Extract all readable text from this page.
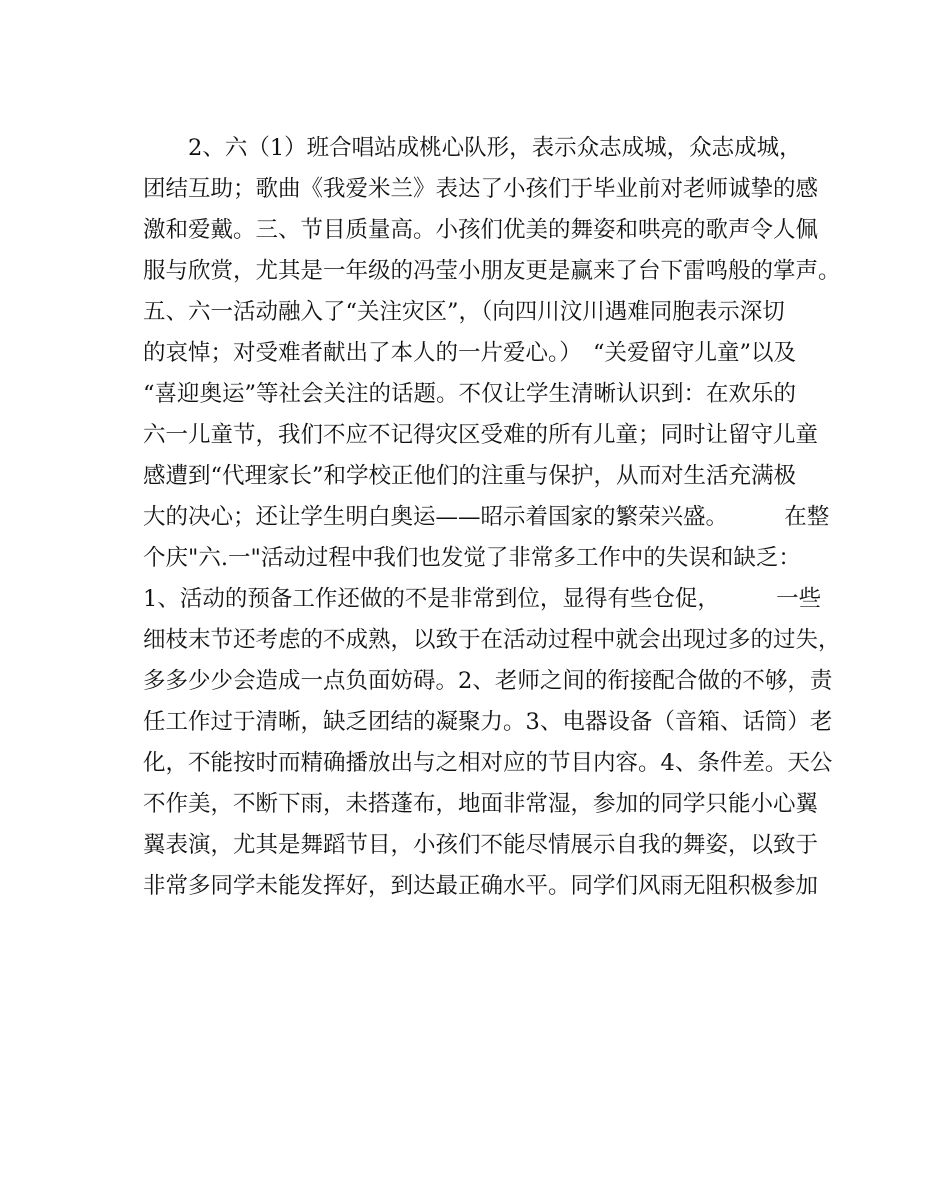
　　2、六（1）班合唱站成桃心队形，表示众志成城，众志成城，
团结互助；歌曲《我爱米兰》表达了小孩们于毕业前对老师诚挚的感
激和爱戴。三、节目质量高。小孩们优美的舞姿和哄亮的歌声令人佩
服与欣赏，尤其是一年级的冯莹小朋友更是赢来了台下雷鸣般的掌声。
五、六一活动融入了“关注灾区”，（向四川汶川遇难同胞表示深切
的哀悼；对受难者献出了本人的一片爱心。）　“关爱留守儿童”以及
“喜迎奥运”等社会关注的话题。不仅让学生清晰认识到：在欢乐的
六一儿童节，我们不应不记得灾区受难的所有儿童；同时让留守儿童
感遭到“代理家长”和学校正他们的注重与保护，从而对生活充满极
大的决心；还让学生明白奥运——昭示着国家的繁荣兴盛。　　　在整
个庆"六.一"活动过程中我们也发觉了非常多工作中的失误和缺乏：
1、活动的预备工作还做的不是非常到位，显得有些仓促，　　　一些
细枝末节还考虑的不成熟，以致于在活动过程中就会出现过多的过失，
多多少少会造成一点负面妨碍。2、老师之间的衔接配合做的不够，责
任工作过于清晰，缺乏团结的凝聚力。3、电器设备（音箱、话筒）老
化，不能按时而精确播放出与之相对应的节目内容。4、条件差。天公
不作美，不断下雨，未搭蓬布，地面非常湿，参加的同学只能小心翼
翼表演，尤其是舞蹈节目，小孩们不能尽情展示自我的舞姿，以致于
非常多同学未能发挥好，到达最正确水平。同学们风雨无阻积极参加
